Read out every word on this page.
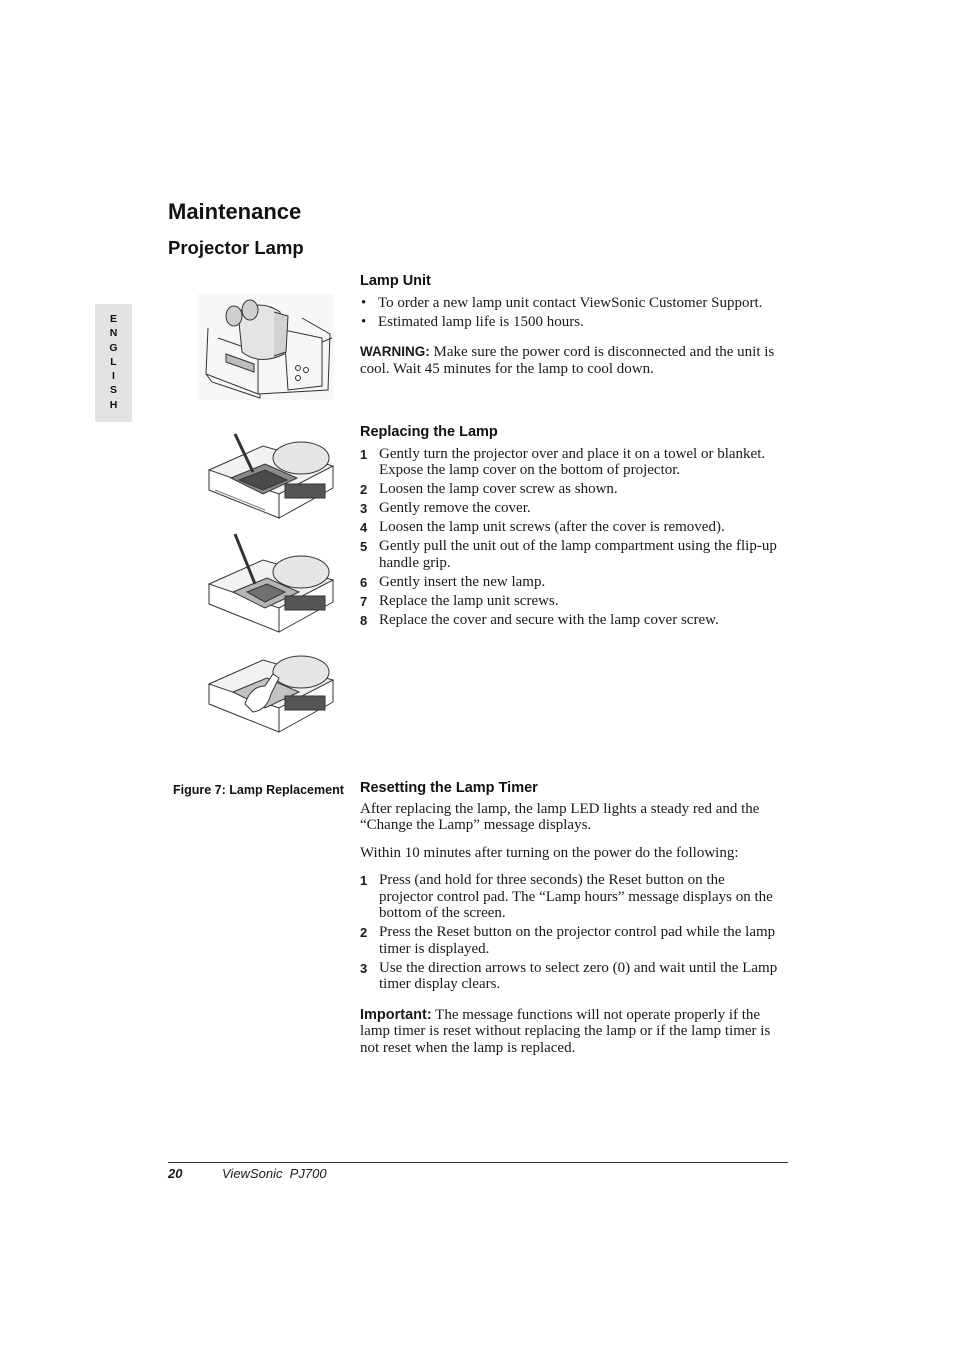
E
N
G
L
I
S
H
Maintenance
Projector Lamp
Figure 7: Lamp Replacement
Lamp Unit
• To order a new lamp unit contact ViewSonic Customer Support.
• Estimated lamp life is 1500 hours.

WARNING: Make sure the power cord is disconnected and the unit is cool. Wait 45 minutes for the lamp to cool down.

Replacing the Lamp
1 Gently turn the projector over and place it on a towel or blanket. Expose the lamp cover on the bottom of projector.
2 Loosen the lamp cover screw as shown.
3 Gently remove the cover.
4 Loosen the lamp unit screws (after the cover is removed).
5 Gently pull the unit out of the lamp compartment using the flip-up handle grip.
6 Gently insert the new lamp.
7 Replace the lamp unit screws.
8 Replace the cover and secure with the lamp cover screw.
Resetting the Lamp Timer

After replacing the lamp, the lamp LED lights a steady red and the “Change the Lamp” message displays.

Within 10 minutes after turning on the power do the following:

1 Press (and hold for three seconds) the Reset button on the projector control pad. The “Lamp hours” message displays on the bottom of the screen.
2 Press the Reset button on the projector control pad while the lamp timer is displayed.
3 Use the direction arrows to select zero (0) and wait until the Lamp timer display clears.

Important: The message functions will not operate properly if the lamp timer is reset without replacing the lamp or if the lamp timer is not reset when the lamp is replaced.

20	ViewSonic  PJ700
